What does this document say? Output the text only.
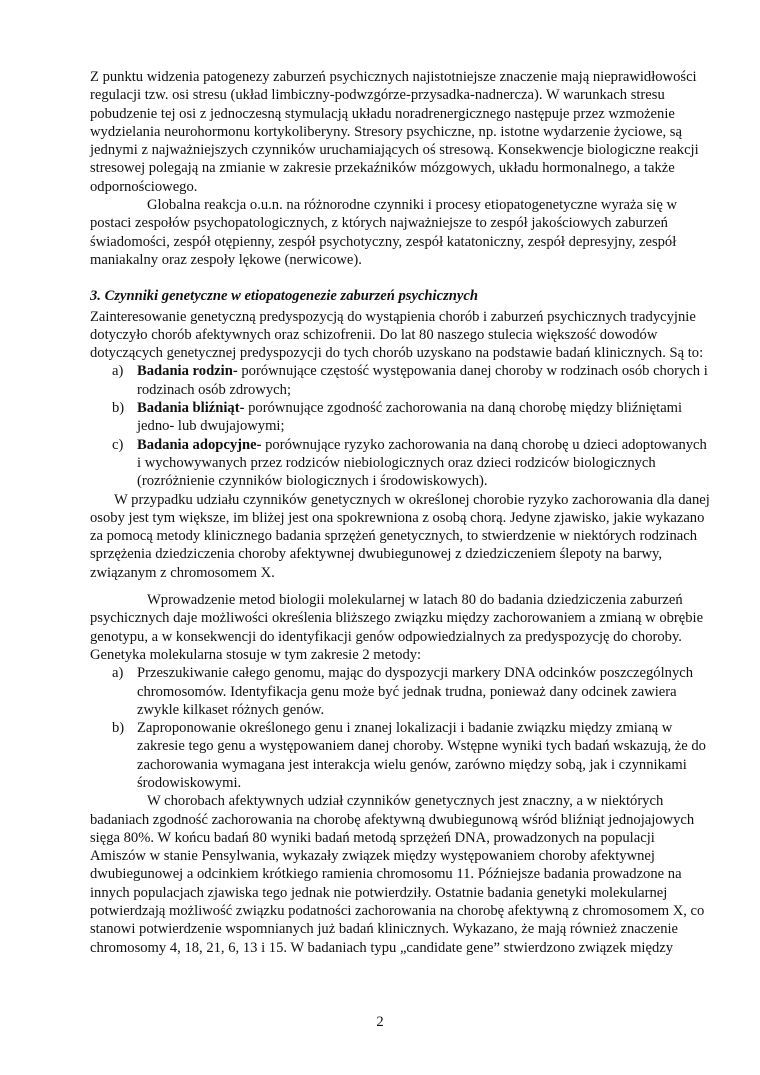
Z punktu widzenia patogenezy zaburzeń psychicznych najistotniejsze znaczenie mają nieprawidłowości regulacji tzw. osi stresu (układ limbiczny-podwzgórze-przysadka-nadnercza). W warunkach stresu pobudzenie tej osi z jednoczesną stymulacją układu noradrenergicznego następuje przez wzmożenie wydzielania neurohormonu kortykoliberyny. Stresory psychiczne, np. istotne wydarzenie życiowe, są jednymi z najważniejszych czynników uruchamiających oś stresową. Konsekwencje biologiczne reakcji stresowej polegają na zmianie w zakresie przekaźników mózgowych, układu hormonalnego, a także odpornościowego.

Globalna reakcja o.u.n. na różnorodne czynniki i procesy etiopatogenetyczne wyraża się w postaci zespołów psychopatologicznych, z których najważniejsze to zespół jakościowych zaburzeń świadomości, zespół otępienny, zespół psychotyczny, zespół katatoniczny, zespół depresyjny, zespół maniakalny oraz zespoły lękowe (nerwicowe).

3. Czynniki genetyczne w etiopatogenezie zaburzeń psychicznych

Zainteresowanie genetyczną predyspozycją do wystąpienia chorób i zaburzeń psychicznych tradycyjnie dotyczyło chorób afektywnych oraz schizofrenii. Do lat 80 naszego stulecia większość dowodów dotyczących genetycznej predyspozycji do tych chorób uzyskano na podstawie badań klinicznych. Są to:

a) Badania rodzin- porównujące częstość występowania danej choroby w rodzinach osób chorych i rodzinach osób zdrowych;
b) Badania bliźniąt- porównujące zgodność zachorowania na daną chorobę między bliźniętami jedno- lub dwujajowymi;
c) Badania adopcyjne- porównujące ryzyko zachorowania na daną chorobę u dzieci adoptowanych i wychowywanych przez rodziców niebiologicznych oraz dzieci rodziców biologicznych (rozróżnienie czynników biologicznych i środowiskowych).

W przypadku udziału czynników genetycznych w określonej chorobie ryzyko zachorowania dla danej osoby jest tym większe, im bliżej jest ona spokrewniona z osobą chorą. Jedyne zjawisko, jakie wykazano za pomocą metody klinicznego badania sprzężeń genetycznych, to stwierdzenie w niektórych rodzinach sprzężenia dziedziczenia choroby afektywnej dwubiegunowej z dziedziczeniem ślepoty na barwy, związanym z chromosomem X.

Wprowadzenie metod biologii molekularnej w latach 80 do badania dziedziczenia zaburzeń psychicznych daje możliwości określenia bliższego związku między zachorowaniem a zmianą w obrębie genotypu, a w konsekwencji do identyfikacji genów odpowiedzialnych za predyspozycję do choroby.

Genetyka molekularna stosuje w tym zakresie 2 metody:

a) Przeszukiwanie całego genomu, mając do dyspozycji markery DNA odcinków poszczególnych chromosomów. Identyfikacja genu może być jednak trudna, ponieważ dany odcinek zawiera zwykle kilkaset różnych genów.
b) Zaproponowanie określonego genu i znanej lokalizacji i badanie związku między zmianą w zakresie tego genu a występowaniem danej choroby. Wstępne wyniki tych badań wskazują, że do zachorowania wymagana jest interakcja wielu genów, zarówno między sobą, jak i czynnikami środowiskowymi.

W chorobach afektywnych udział czynników genetycznych jest znaczny, a w niektórych badaniach zgodność zachorowania na chorobę afektywną dwubiegunową wśród bliźniąt jednojajowych sięga 80%. W końcu badań 80 wyniki badań metodą sprzężeń DNA, prowadzonych na populacji Amiszów w stanie Pensylwania, wykazały związek między występowaniem choroby afektywnej dwubiegunowej a odcinkiem krótkiego ramienia chromosomu 11. Późniejsze badania prowadzone na innych populacjach zjawiska tego jednak nie potwierdziły. Ostatnie badania genetyki molekularnej potwierdzają możliwość związku podatności zachorowania na chorobę afektywną z chromosomem X, co stanowi potwierdzenie wspomnianych już badań klinicznych. Wykazano, że mają również znaczenie chromosomy 4, 18, 21, 6, 13 i 15. W badaniach typu „candidate gene” stwierdzono związek między

2
